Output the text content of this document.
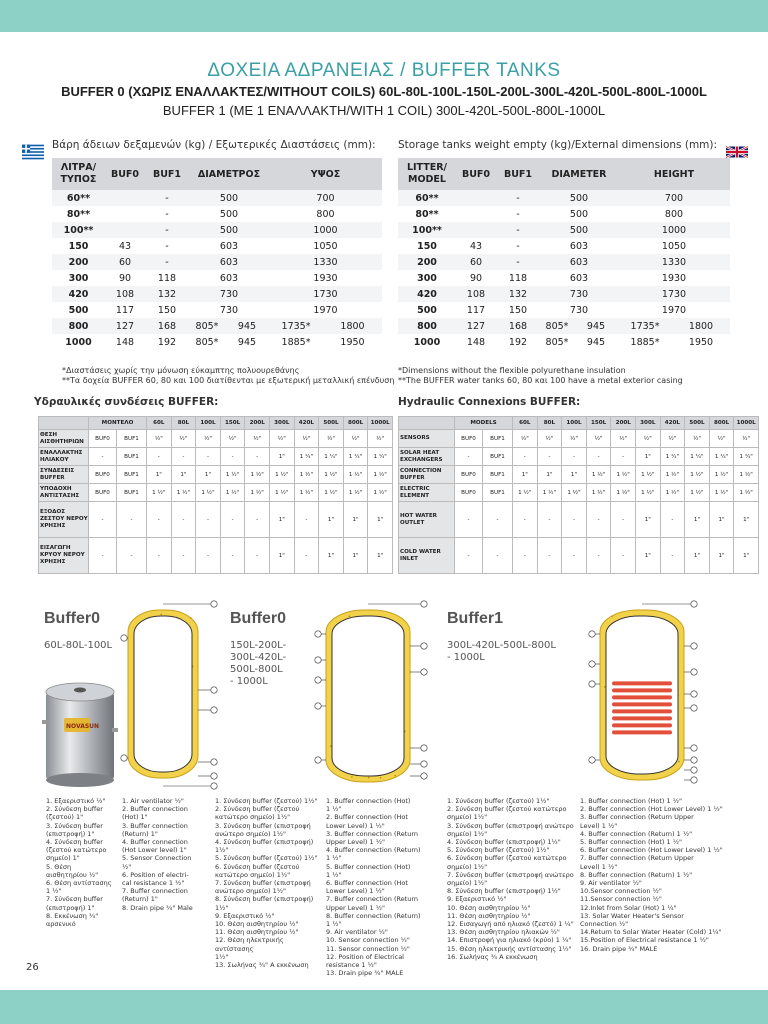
ΔΟΧΕΙΑ ΑΔΡΑΝΕΙΑΣ / BUFFER TANKS
BUFFER 0 (ΧΩΡΙΣ ΕΝΑΛΛΑΚΤΕΣ/WITHOUT COILS) 60L-80L-100L-150L-200L-300L-420L-500L-800L-1000L
BUFFER 1 (ΜΕ 1 ΕΝΑΛΛΑΚΤΗ/WITH 1 COIL) 300L-420L-500L-800L-1000L
Βάρη άδειων δεξαμενών (kg) / Εξωτερικές Διαστάσεις (mm): Storage tanks weight empty (kg)/External dimensions (mm):
ΛΙΤΡΑ/ ΤΥΠΟΣ	BUF0	BUF1	ΔΙΑΜΕΤΡΟΣ		ΥΨΟΣ	
60**		-	500		700	
80**		-	500		800	
100**		-	500		1000	
150	43	-	603		1050	
200	60	-	603		1330	
300	90	118	603		1930	
420	108	132	730		1730	
500	117	150	730		1970	
800	127	168	805*	945	1735*	1800
1000	148	192	805*	945	1885*	1950
LITTER/ MODEL	BUF0	BUF1	DIAMETER		HEIGHT	
60**		-	500		700	
80**		-	500		800	
100**		-	500		1000	
150	43	-	603		1050	
200	60	-	603		1330	
300	90	118	603		1930	
420	108	132	730		1730	
500	117	150	730		1970	
800	127	168	805*	945	1735*	1800
1000	148	192	805*	945	1885*	1950
*Διαστάσεις χωρίς την μόνωση εύκαμπτης πολυουρεθάνης
**Τα δοχεία BUFFER 60, 80 και 100 διατίθενται με εξωτερική μεταλλική επένδυση
*Dimensions without the flexible polyurethane insulation
**The BUFFER water tanks 60, 80 και 100 have a metal exterior casing
Υδραυλικές συνδέσεις BUFFER:	Hydraulic Connexions BUFFER:
	ΜΟΝΤΕΛΟ		60L	80L	100L	150L	200L	300L	420L	500L	800L	1000L
ΘΕΣΗ ΑΙΣΘΗΤΗΡΙΩΝ	BUF0	BUF1	½"	½"	½"	½"	½"	½"	½"	½"	½"	½"
ΕΝΑΛΛΑΚΤΗΣ ΗΛΙΑΚΟΥ	-	BUF1	-	-	-	-	-	1"	1 ¼"	1 ¼"	1 ¼"	1 ¼"
ΣΥΝΔΕΣΕΙΣ BUFFER	BUF0	BUF1	1"	1"	1"	1 ½"	1 ½"	1 ½"	1 ½"	1 ½"	1 ½"	1 ½"
ΥΠΟΔΟΧΗ ΑΝΤΙΣΤΑΣΗΣ	BUF0	BUF1	1 ½"	1 ½"	1 ½"	1 ½"	1 ½"	1 ½"	1 ½"	1 ½"	1 ½"	1 ½"
ΕΞΟΔΟΣ ΖΕΣΤΟΥ ΝΕΡΟΥ ΧΡΗΣΗΣ	-	-	-	-	-	-	-	1"	-	1"	1"	1"
ΕΙΣΑΓΩΓΗ ΚΡΥΟΥ ΝΕΡΟΥ ΧΡΗΣΗΣ	-	-	-	-	-	-	-	1"	-	1"	1"	1"
	MODELS		60L	80L	100L	150L	200L	300L	420L	500L	800L	1000L
SENSORS	BUF0	BUF1	½"	½"	½"	½"	½"	½"	½"	½"	½"	½"
SOLAR HEAT EXCHANGERS	-	BUF1	-	-	-	-	-	1"	1 ¼"	1 ¼"	1 ¼"	1 ¼"
CONNECTION BUFFER	BUF0	BUF1	1"	1"	1"	1 ½"	1 ½"	1 ½"	1 ½"	1 ½"	1 ½"	1 ½"
ELECTRIC ELEMENT	BUF0	BUF1	1 ½"	1 ½"	1 ½"	1 ½"	1 ½"	1 ½"	1 ½"	1 ½"	1 ½"	1 ½"
HOT WATER OUTLET	-	-	-	-	-	-	-	1"	-	1"	1"	1"
COLD WATER INLET	-	-	-	-	-	-	-	1"	-	1"	1"	1"
Buffer0
60L-80L-100L
Buffer0
150L-200L-
300L-420L-
500L-800L
- 1000L
Buffer1
300L-420L-500L-800L
- 1000L
NOVASUN
1. Εξαεριστικό ½"
2. Σύνδεση buffer
(ζεστού) 1"
3. Σύνδεση buffer
(επιστροφή) 1"
4. Σύνδεση buffer
(ζεστού κατώτερο
σημείο) 1"
5. Θέση
αισθητηρίου ½"
6. Θέση αντίστασης
1 ½"
7. Σύνδεση buffer
(επιστροφή) 1"
8. Εκκένωση ¾"
αρσενικό
1. Air ventilator ½"
2. Buffer connection
(Hot) 1"
3. Buffer connection
(Return) 1"
4. Buffer connection
(Hot Lower level) 1"
5. Sensor Connection
½"
6. Position of electri-
cal resistance 1 ½"
7. Buffer connection
(Return) 1"
8. Drain pipe ¾" Male
1. Σύνδεση buffer (ζεστού) 1½"
2. Σύνδεση buffer (ζεστού
κατώτερο σημείο) 1½"
3. Σύνδεση buffer (επιστροφή
ανώτερο σημείο) 1½"
4. Σύνδεση buffer (επιστροφή)
1½"
5. Σύνδεση buffer (ζεστού) 1½"
6. Σύνδεση buffer (ζεστού
κατώτερο σημείο) 1½"
7. Σύνδεση buffer (επιστροφή
ανώτερο σημείο) 1½"
8. Σύνδεση buffer (επιστροφή)
1½"
9. Εξαεριστικό ½"
10. Θέση αισθητηρίου ½"
11. Θέση αισθητηρίου ½"
12. Θέση ηλεκτρικής αντίστασης
1½"
13. Σωλήνας ¾" Α εκκένωση
1. Buffer connection (Hot)
1 ½"
2. Buffer connection (Hot
Lower Level) 1 ½"
3. Buffer connection (Return
Upper Level) 1 ½"
4. Buffer connection (Return)
1 ½"
5. Buffer connection (Hot)
1 ½"
6. Buffer connection (Hot
Lower Level) 1 ½"
7. Buffer connection (Return
Upper Level) 1 ½"
8. Buffer connection (Return)
1 ½"
9. Air ventilator ½"
10. Sensor connection ½"
11. Sensor connection ½"
12. Position of Electrical
resistance 1 ½"
13. Drain pipe ¾" MALE
1. Σύνδεση buffer (ζεστού) 1½"
2. Σύνδεση buffer (ζεστού κατώτερο
σημείο) 1½"
3. Σύνδεση buffer (επιστροφή ανώτερο
σημείο) 1½"
4. Σύνδεση buffer (επιστροφή) 1½"
5. Σύνδεση buffer (ζεστού) 1½"
6. Σύνδεση buffer (ζεστού κατώτερο
σημείο) 1½"
7. Σύνδεση buffer (επιστροφή ανώτερο
σημείο) 1½"
8. Σύνδεση buffer (επιστροφή) 1½"
9. Εξαεριστικό ½"
10. Θέση αισθητηρίου ½"
11. Θέση αισθητηρίου ½"
12. Εισαγωγή από ηλιακό (ζεστό) 1 ¼"
13. Θέση αισθητηρίου ηλιακών ½"
14. Επιστροφή για ηλιακό (κρύο) 1 ¼"
15. Θέση ηλεκτρικής αντίστασης 1½"
16. Σωλήνας ¾ Α εκκένωση
1. Buffer connection (Hot) 1 ½"
2. Buffer connection (Hot Lower Level) 1 ½"
3. Buffer connection (Return Upper
Level) 1 ½"
4. Buffer connection (Return) 1 ½"
5. Buffer connection (Hot) 1 ½"
6. Buffer connection (Hot Lower Level) 1 ½"
7. Buffer connection (Return Upper
Level) 1 ½"
8. Buffer connection (Return) 1 ½"
9. Air ventilator ½"
10.Sensor connection ½"
11.Sensor connection ½"
12.Inlet from Solar (Hot) 1 ¼"
13. Solar Water Heater's Sensor
Connection ½"
14.Return to Solar Water Heater (Cold) 1¼"
15.Position of Electrical resistance 1 ½"
16. Drain pipe ¾" MALE
26
